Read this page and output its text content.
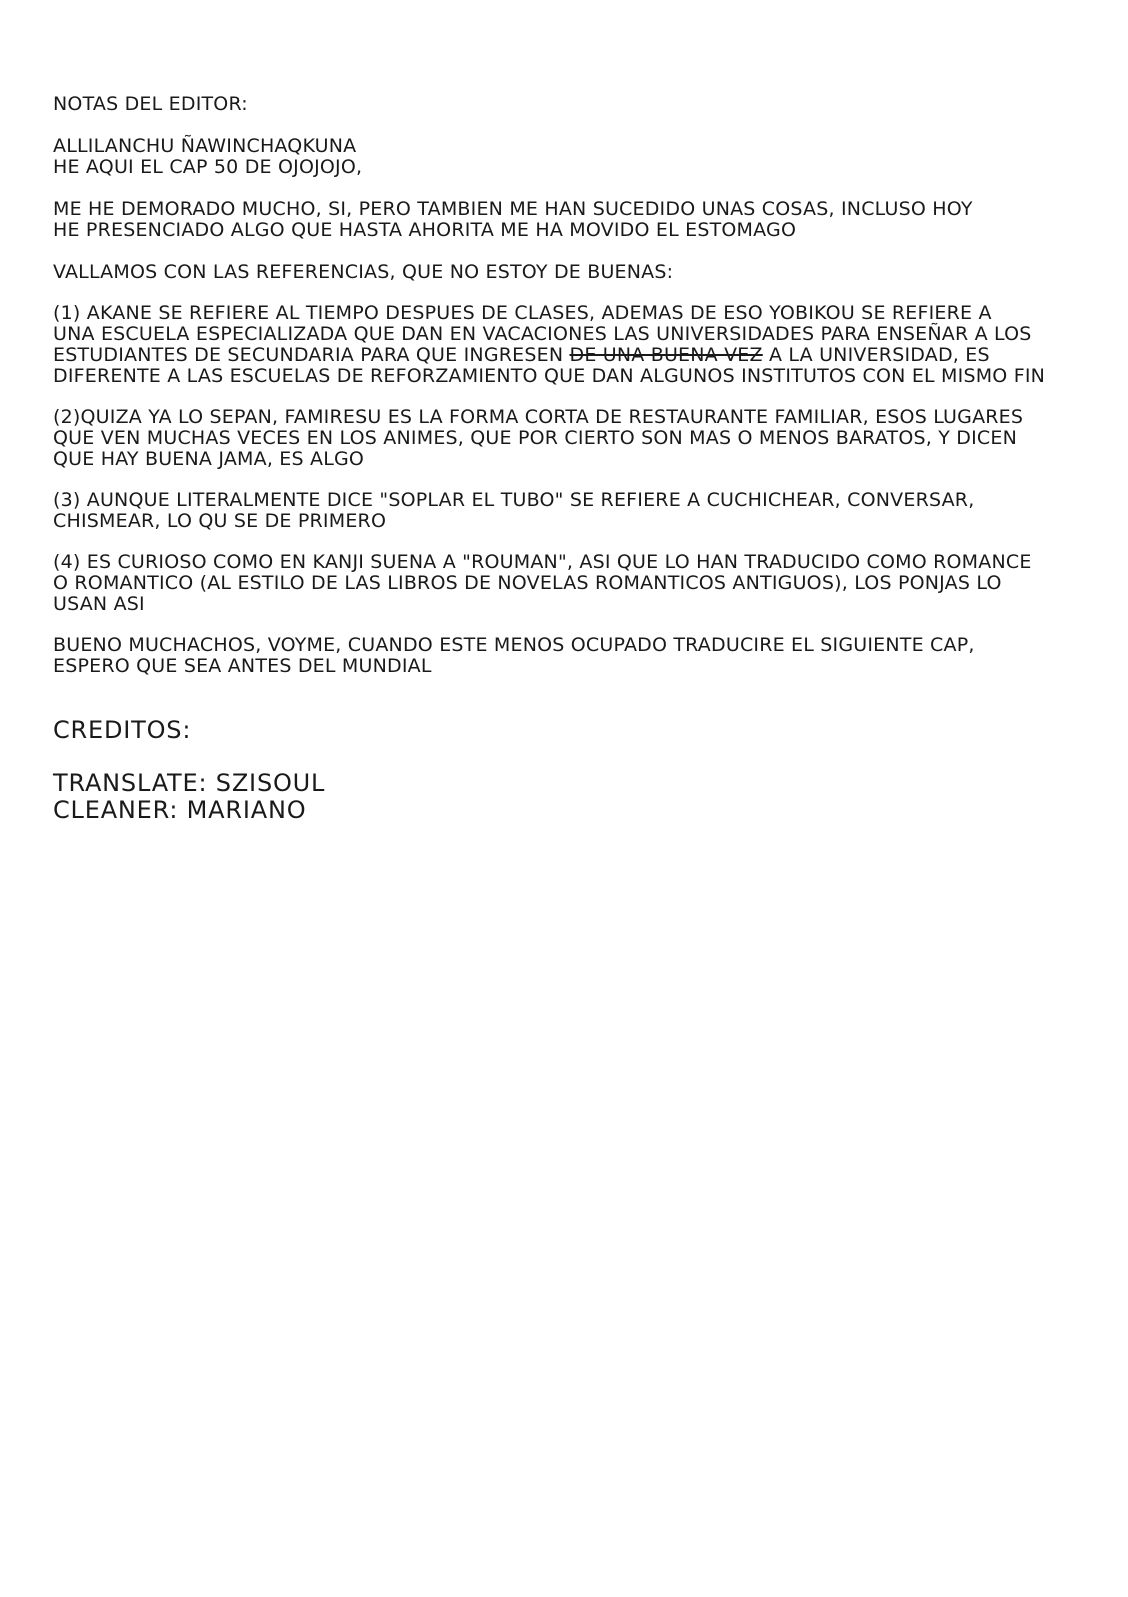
NOTAS DEL EDITOR:

ALLILANCHU ÑAWINCHAQKUNA

HE AQUI EL CAP 50 DE OJOJOJO,

ME HE DEMORADO MUCHO, SI, PERO TAMBIEN ME HAN SUCEDIDO UNAS COSAS, INCLUSO HOY

HE PRESENCIADO ALGO QUE HASTA AHORITA ME HA MOVIDO EL ESTOMAGO

VALLAMOS CON LAS REFERENCIAS, QUE NO ESTOY DE BUENAS:

(1) AKANE SE REFIERE AL TIEMPO DESPUES DE CLASES, ADEMAS DE ESO YOBIKOU SE REFIERE A

UNA ESCUELA ESPECIALIZADA QUE DAN EN VACACIONES LAS UNIVERSIDADES PARA ENSEÑAR A LOS

ESTUDIANTES DE SECUNDARIA PARA QUE INGRESEN DE UNA BUENA VEZ A LA UNIVERSIDAD, ES

DIFERENTE A LAS ESCUELAS DE REFORZAMIENTO QUE DAN ALGUNOS INSTITUTOS CON EL MISMO FIN

(2)QUIZA YA LO SEPAN, FAMIRESU ES LA FORMA CORTA DE RESTAURANTE FAMILIAR, ESOS LUGARES

QUE VEN MUCHAS VECES EN LOS ANIMES, QUE POR CIERTO SON MAS O MENOS BARATOS, Y DICEN

QUE HAY BUENA JAMA, ES ALGO

(3) AUNQUE LITERALMENTE DICE "SOPLAR EL TUBO" SE REFIERE A CUCHICHEAR, CONVERSAR,

CHISMEAR, LO QU SE DE PRIMERO

(4) ES CURIOSO COMO EN KANJI SUENA A "ROUMAN", ASI QUE LO HAN TRADUCIDO COMO ROMANCE

O ROMANTICO (AL ESTILO DE LAS LIBROS DE NOVELAS ROMANTICOS ANTIGUOS), LOS PONJAS LO

USAN ASI

BUENO MUCHACHOS, VOYME, CUANDO ESTE MENOS OCUPADO TRADUCIRE EL SIGUIENTE CAP,

ESPERO QUE SEA ANTES DEL MUNDIAL

CREDITOS:

TRANSLATE: SZISOUL

CLEANER: MARIANO
